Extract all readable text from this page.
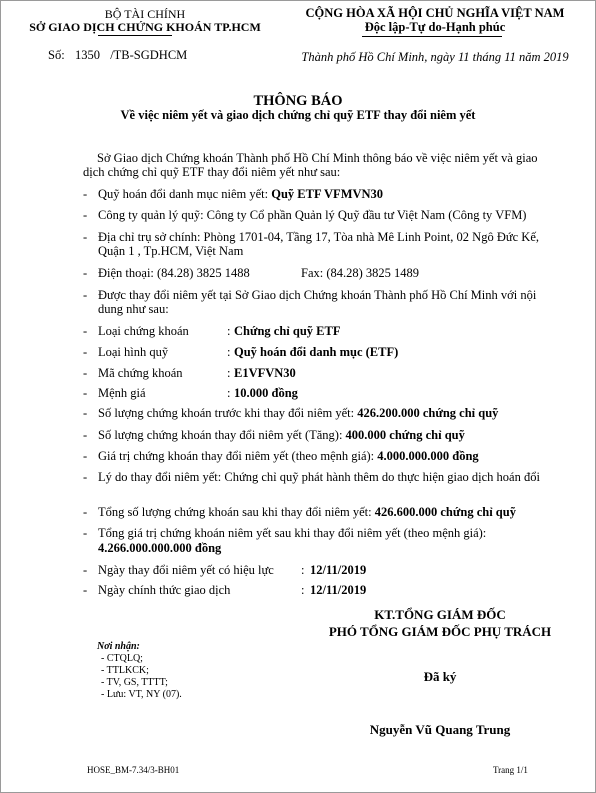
BỘ TÀI CHÍNH
SỞ GIAO DỊCH CHỨNG KHOÁN TP.HCM
Số: 1350 /TB-SGDHCM
CỘNG HÒA XÃ HỘI CHỦ NGHĨA VIỆT NAM
Độc lập-Tự do-Hạnh phúc
Thành phố Hồ Chí Minh, ngày 11 tháng 11 năm 2019
THÔNG BÁO
Về việc niêm yết và giao dịch chứng chỉ quỹ ETF thay đổi niêm yết
Sở Giao dịch Chứng khoán Thành phố Hồ Chí Minh thông báo về việc niêm yết và giao dịch chứng chỉ quỹ ETF thay đổi niêm yết như sau:
- Quỹ hoán đổi danh mục niêm yết: Quỹ ETF VFMVN30
- Công ty quản lý quỹ: Công ty Cổ phần Quản lý Quỹ đầu tư Việt Nam (Công ty VFM)
- Địa chỉ trụ sở chính: Phòng 1701-04, Tầng 17, Tòa nhà Mê Linh Point, 02 Ngô Đức Kế, Quận 1 , Tp.HCM, Việt Nam
- Điện thoại: (84.28) 3825 1488	Fax: (84.28) 3825 1489
- Được thay đổi niêm yết tại Sở Giao dịch Chứng khoán Thành phố Hồ Chí Minh với nội dung như sau:
- Loại chứng khoán	: Chứng chỉ quỹ ETF
- Loại hình quỹ	: Quỹ hoán đổi danh mục (ETF)
- Mã chứng khoán	: E1VFVN30
- Mệnh giá	: 10.000 đồng
- Số lượng chứng khoán trước khi thay đổi niêm yết: 426.200.000 chứng chỉ quỹ
- Số lượng chứng khoán thay đổi niêm yết (Tăng): 400.000 chứng chỉ quỹ
- Giá trị chứng khoán thay đổi niêm yết (theo mệnh giá): 4.000.000.000 đồng
- Lý do thay đổi niêm yết: Chứng chỉ quỹ phát hành thêm do thực hiện giao dịch hoán đổi
- Tổng số lượng chứng khoán sau khi thay đổi niêm yết: 426.600.000 chứng chỉ quỹ
- Tổng giá trị chứng khoán niêm yết sau khi thay đổi niêm yết (theo mệnh giá):
4.266.000.000.000 đồng
- Ngày thay đổi niêm yết có hiệu lực : 12/11/2019
- Ngày chính thức giao dịch	: 12/11/2019
KT.TỔNG GIÁM ĐỐC
PHÓ TỔNG GIÁM ĐỐC PHỤ TRÁCH
Đã ký
Nguyễn Vũ Quang Trung
Nơi nhận:
- CTQLQ;
- TTLKCK;
- TV, GS, TTTT;
- Lưu: VT, NY (07).
HOSE_BM-7.34/3-BH01	Trang 1/1
